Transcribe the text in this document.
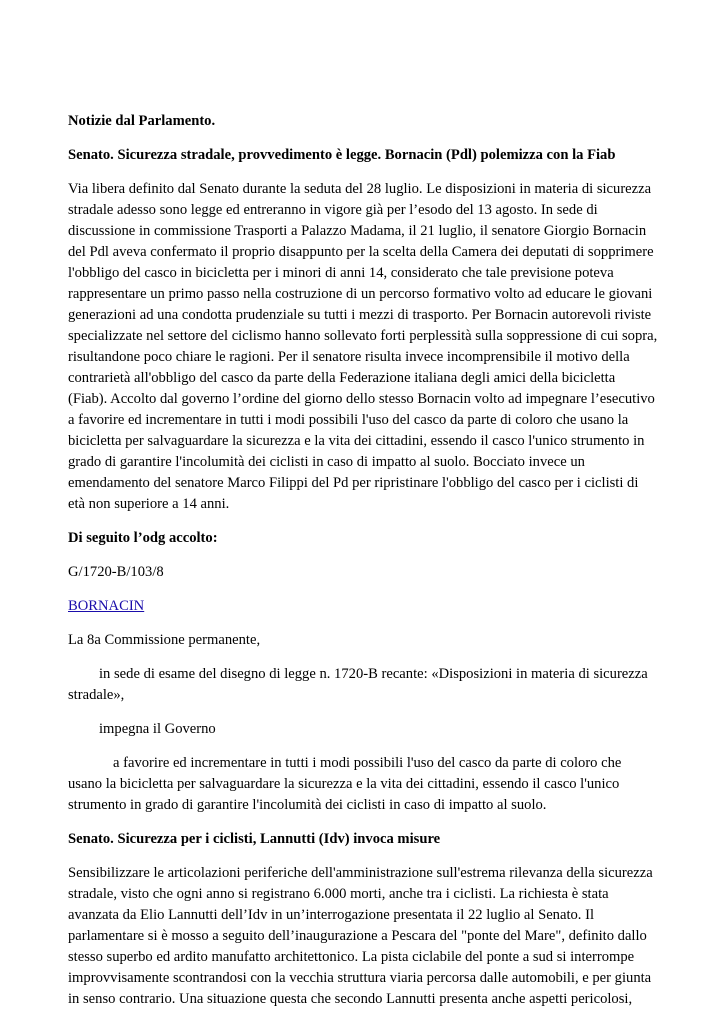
Notizie dal Parlamento.
Senato. Sicurezza stradale, provvedimento è legge. Bornacin (Pdl) polemizza con la Fiab
Via libera definito dal Senato durante la seduta del 28 luglio. Le disposizioni in materia di sicurezza stradale adesso sono legge ed entreranno in vigore già per l’esodo del 13 agosto. In sede di discussione in commissione Trasporti a Palazzo Madama, il 21 luglio, il senatore Giorgio Bornacin del Pdl aveva confermato il proprio disappunto per la scelta della Camera dei deputati di sopprimere l'obbligo del casco in bicicletta per i minori di anni 14, considerato che tale previsione poteva rappresentare un primo passo nella costruzione di un percorso formativo volto ad educare le giovani generazioni ad una condotta prudenziale su tutti i mezzi di trasporto. Per Bornacin autorevoli riviste specializzate nel settore del ciclismo hanno sollevato forti perplessità sulla soppressione di cui sopra, risultandone poco chiare le ragioni. Per il senatore risulta invece incomprensibile il motivo della contrarietà all'obbligo del casco da parte della Federazione italiana degli amici della bicicletta (Fiab). Accolto dal governo l’ordine del giorno dello stesso Bornacin volto ad impegnare l’esecutivo a favorire ed incrementare in tutti i modi possibili l'uso del casco da parte di coloro che usano la bicicletta per salvaguardare la sicurezza e la vita dei cittadini, essendo il casco l'unico strumento in grado di garantire l'incolumità dei ciclisti in caso di impatto al suolo. Bocciato invece un emendamento del senatore Marco Filippi del Pd per ripristinare l'obbligo del casco per i ciclisti di età non superiore a 14 anni.
Di seguito l’odg accolto:
G/1720-B/103/8
BORNACIN
La 8a Commissione permanente,
in sede di esame del disegno di legge n. 1720-B recante: «Disposizioni in materia di sicurezza stradale»,
impegna il Governo
a favorire ed incrementare in tutti i modi possibili l'uso del casco da parte di coloro che usano la bicicletta per salvaguardare la sicurezza e la vita dei cittadini, essendo il casco l'unico strumento in grado di garantire l'incolumità dei ciclisti in caso di impatto al suolo.
Senato. Sicurezza per i ciclisti, Lannutti (Idv) invoca misure
Sensibilizzare le articolazioni periferiche dell'amministrazione sull'estrema rilevanza della sicurezza stradale, visto che ogni anno si registrano 6.000 morti, anche tra i ciclisti. La richiesta è stata avanzata da Elio Lannutti dell’Idv in un’interrogazione presentata il 22 luglio al Senato. Il parlamentare si è mosso a seguito dell’inaugurazione a Pescara del "ponte del Mare", definito dallo stesso superbo ed ardito manufatto architettonico. La pista ciclabile del ponte a sud si interrompe improvvisamente scontrandosi con la vecchia struttura viaria percorsa dalle automobili, e per giunta in senso contrario. Una situazione questa che secondo Lannutti presenta anche aspetti pericolosi,
